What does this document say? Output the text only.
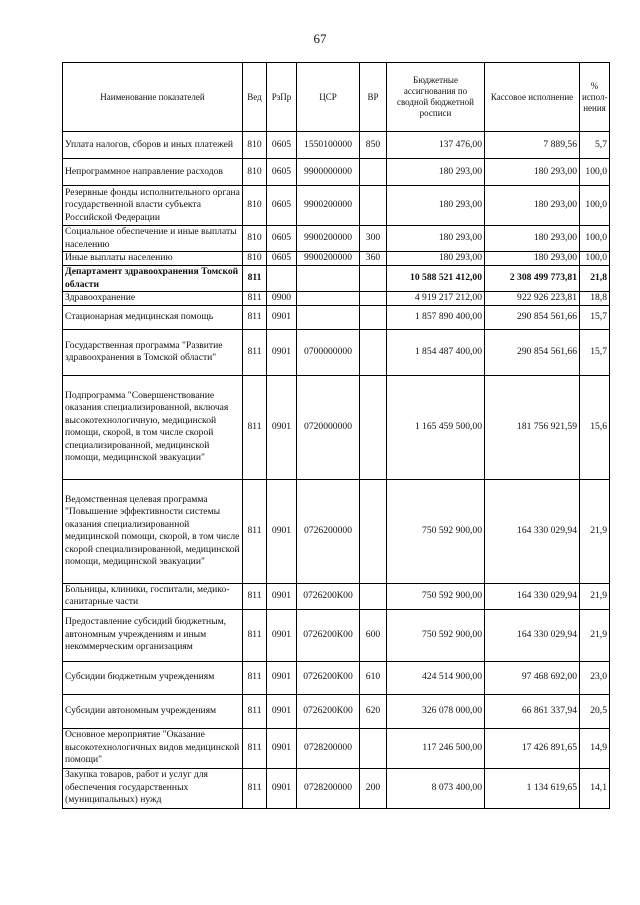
67
Наименование показателей	Вед	РзПр	ЦСР	ВР	Бюджетные ассигнования по сводной бюджетной росписи	Кассовое исполнение	% испол-нения
Уплата налогов, сборов и иных платежей	810	0605	1550100000	850	137 476,00	7 889,56	5,7
Непрограммное направление расходов	810	0605	9900000000		180 293,00	180 293,00	100,0
Резервные фонды исполнительного органа государственной власти субъекта Российской Федерации	810	0605	9900200000		180 293,00	180 293,00	100,0
Социальное обеспечение и иные выплаты населению	810	0605	9900200000	300	180 293,00	180 293,00	100,0
Иные выплаты населению	810	0605	9900200000	360	180 293,00	180 293,00	100,0
Департамент здравоохранения Томской области	811				10 588 521 412,00	2 308 499 773,81	21,8
Здравоохранение	811	0900			4 919 217 212,00	922 926 223,81	18,8
Стационарная медицинская помощь	811	0901			1 857 890 400,00	290 854 561,66	15,7
Государственная программа "Развитие здравоохранения в Томской области"	811	0901	0700000000		1 854 487 400,00	290 854 561,66	15,7
Подпрограмма "Совершенствование оказания специализированной, включая высокотехнологичную, медицинской помощи, скорой, в том числе скорой специализированной, медицинской помощи, медицинской эвакуации"	811	0901	0720000000		1 165 459 500,00	181 756 921,59	15,6
Ведомственная целевая программа "Повышение эффективности системы оказания специализированной медицинской помощи, скорой, в том числе скорой специализированной, медицинской помощи, медицинской эвакуации"	811	0901	0726200000		750 592 900,00	164 330 029,94	21,9
Больницы, клиники, госпитали, медико-санитарные части	811	0901	0726200К00		750 592 900,00	164 330 029,94	21,9
Предоставление субсидий бюджетным, автономным учреждениям и иным некоммерческим организациям	811	0901	0726200К00	600	750 592 900,00	164 330 029,94	21,9
Субсидии бюджетным учреждениям	811	0901	0726200К00	610	424 514 900,00	97 468 692,00	23,0
Субсидии автономным учреждениям	811	0901	0726200К00	620	326 078 000,00	66 861 337,94	20,5
Основное мероприятие "Оказание высокотехнологичных видов медицинской помощи"	811	0901	0728200000		117 246 500,00	17 426 891,65	14,9
Закупка товаров, работ и услуг для обеспечения государственных (муниципальных) нужд	811	0901	0728200000	200	8 073 400,00	1 134 619,65	14,1
